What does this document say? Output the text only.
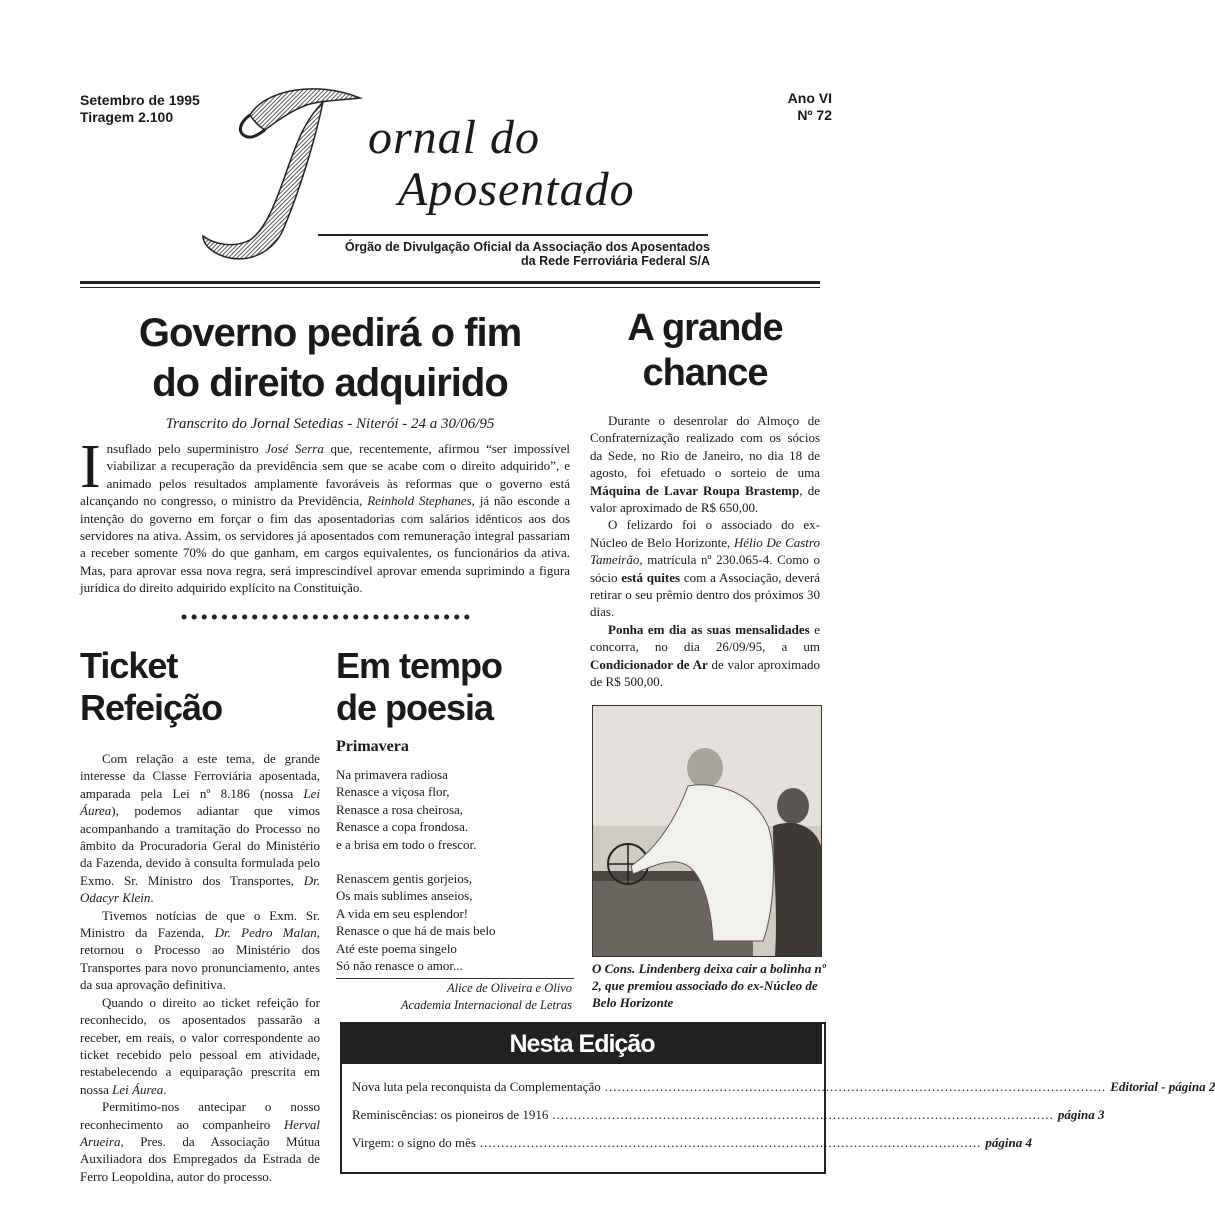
Setembro de 1995
Tiragem 2.100
Ano VI
Nº 72
J
ornal do
Aposentado
Órgão de Divulgação Oficial da Associação dos Aposentados
da Rede Ferroviária Federal S/A
Governo pedirá o fim
do direito adquirido
Transcrito do Jornal Setedias - Niterói - 24 a 30/06/95
Insuflado pelo superministro José Serra que, recentemente, afirmou “ser impossível viabilizar a recuperação da previdência sem que se acabe com o direito adquirido”, e animado pelos resultados amplamente favoráveis às reformas que o governo está alcançando no congresso, o ministro da Previdência, Reinhold Stephanes, já não esconde a intenção do governo em forçar o fim das aposentadorias com salários idênticos aos dos servidores na ativa. Assim, os servidores já aposentados com remuneração integral passariam a receber somente 70% do que ganham, em cargos equivalentes, os funcionários da ativa. Mas, para aprovar essa nova regra, será imprescindível aprovar emenda suprimindo a figura jurídica do direito adquirido explícito na Constituição.
A grande
chance

Durante o desenrolar do Almoço de Confraternização realizado com os sócios da Sede, no Rio de Janeiro, no dia 18 de agosto, foi efetuado o sorteio de uma Máquina de Lavar Roupa Brastemp, de valor aproximado de R$ 650,00.

O felizardo foi o associado do ex-Núcleo de Belo Horizonte, Hélio De Castro Tameirão, matrícula nº 230.065-4. Como o sócio está quites com a Associação, deverá retirar o seu prêmio dentro dos próximos 30 dias.

Ponha em dia as suas mensalidades e concorra, no dia 26/09/95, a um Condicionador de Ar de valor aproximado de R$ 500,00.

O Cons. Lindenberg deixa cair a bolinha nº 2, que premiou associado do ex-Núcleo de Belo Horizonte
Ticket
Refeição

Com relação a este tema, de grande interesse da Classe Ferroviária aposentada, amparada pela Lei nº 8.186 (nossa Lei Áurea), podemos adiantar que vimos acompanhando a tramitação do Processo no âmbito da Procuradoria Geral do Ministério da Fazenda, devido à consulta formulada pelo Exmo. Sr. Ministro dos Transportes, Dr. Odacyr Klein.

Tivemos notícias de que o Exm. Sr. Ministro da Fazenda, Dr. Pedro Malan, retornou o Processo ao Ministério dos Transportes para novo pronunciamento, antes da sua aprovação definitiva.

Quando o direito ao ticket refeição for reconhecido, os aposentados passarão a receber, em reais, o valor correspondente ao ticket recebido pelo pessoal em atividade, restabelecendo a equiparação prescrita em nossa Lei Áurea.

Permitimo-nos antecipar o nosso reconhecimento ao companheiro Herval Arueira, Pres. da Associação Mútua Auxiliadora dos Empregados da Estrada de Ferro Leopoldina, autor do processo.

Em tempo
de poesia
Primavera
Na primavera radiosa
Renasce a viçosa flor,
Renasce a rosa cheirosa,
Renasce a copa frondosa.
e a brisa em todo o frescor.
Renascem gentis gorjeios,
Os mais sublimes anseios,
A vida em seu esplendor!
Renasce o que há de mais belo
Até este poema singelo
Só não renasce o amor...
Alice de Oliveira e Olivo
Academia Internacional de Letras
Nesta Edição
Nova luta pela reconquista da Complementação .....	Editorial - página 2
Reminiscências: os pioneiros de 1916 .....	página 3
Virgem: o signo do mês .....	página 4
